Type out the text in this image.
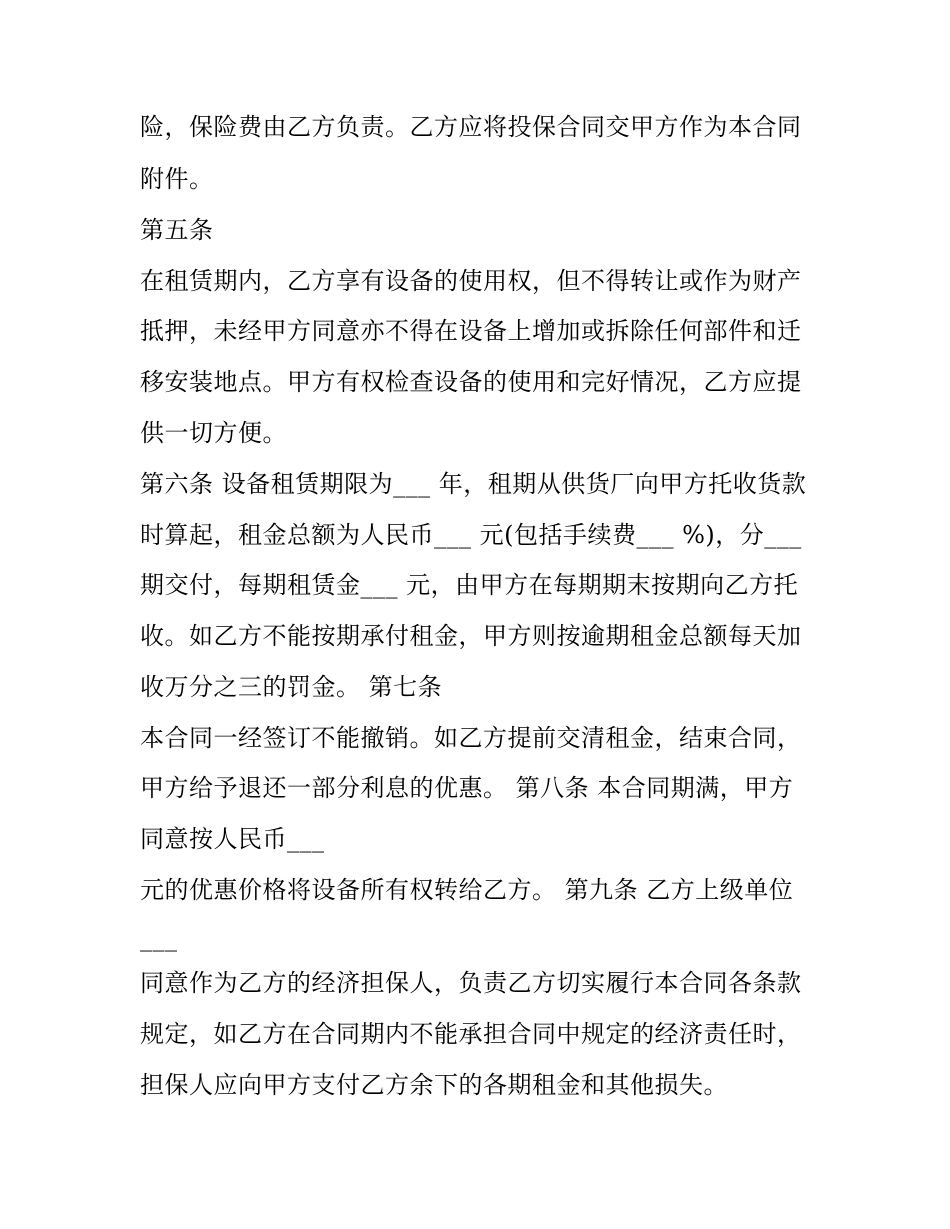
险，保险费由乙方负责。乙方应将投保合同交甲方作为本合同
附件。
第五条
在租赁期内，乙方享有设备的使用权，但不得转让或作为财产
抵押，未经甲方同意亦不得在设备上增加或拆除任何部件和迁
移安装地点。甲方有权检查设备的使用和完好情况，乙方应提
供一切方便。
第六条 设备租赁期限为___ 年，租期从供货厂向甲方托收货款
时算起，租金总额为人民币___ 元(包括手续费___ %)，分___
期交付，每期租赁金___ 元，由甲方在每期期末按期向乙方托
收。如乙方不能按期承付租金，甲方则按逾期租金总额每天加
收万分之三的罚金。 第七条
本合同一经签订不能撤销。如乙方提前交清租金，结束合同，
甲方给予退还一部分利息的优惠。 第八条 本合同期满，甲方
同意按人民币___
元的优惠价格将设备所有权转给乙方。 第九条 乙方上级单位
___
同意作为乙方的经济担保人，负责乙方切实履行本合同各条款
规定，如乙方在合同期内不能承担合同中规定的经济责任时，
担保人应向甲方支付乙方余下的各期租金和其他损失。
